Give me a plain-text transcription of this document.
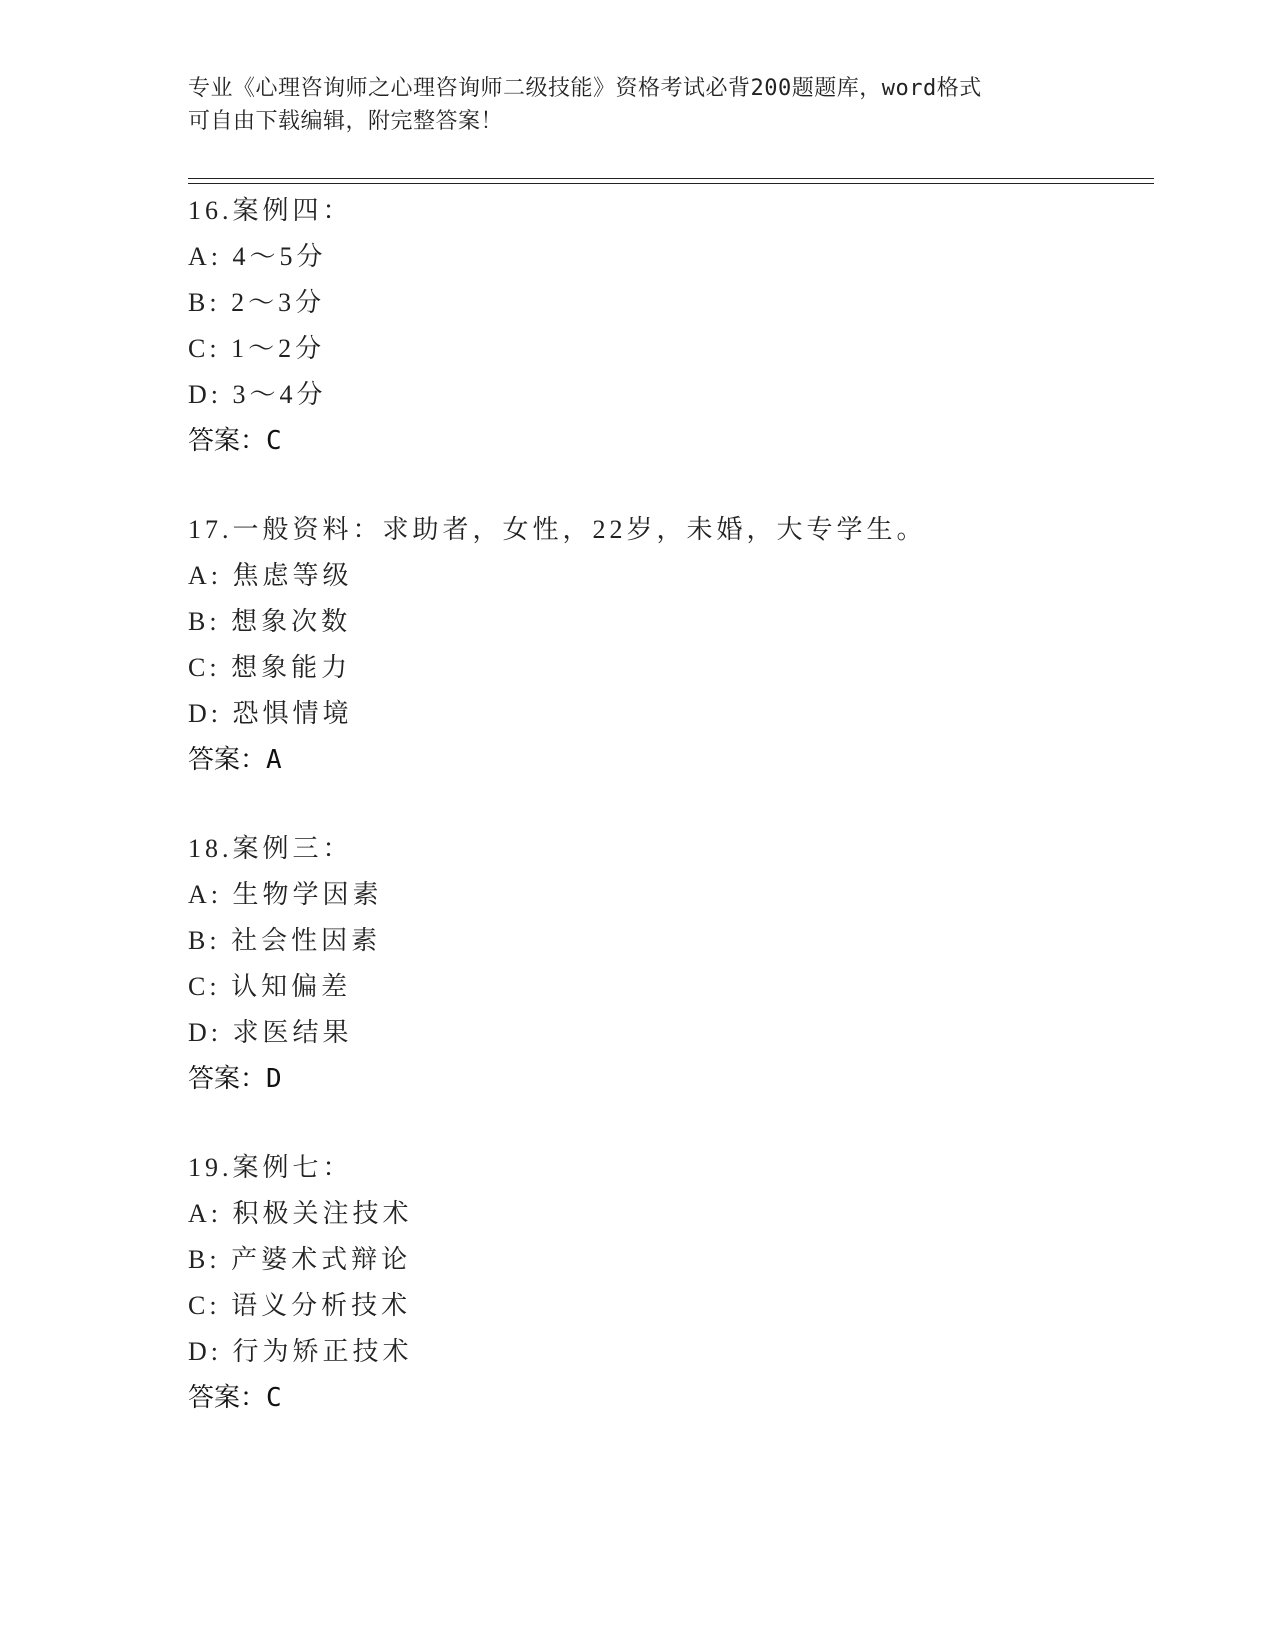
专业《心理咨询师之心理咨询师二级技能》资格考试必背200题题库，word格式
可自由下载编辑，附完整答案！
16.案例四：
A: 4～5分
B: 2～3分
C: 1～2分
D: 3～4分
答案：C
17.一般资料：求助者，女性，22岁，未婚，大专学生。
A: 焦虑等级
B: 想象次数
C: 想象能力
D: 恐惧情境
答案：A
18.案例三：
A: 生物学因素
B: 社会性因素
C: 认知偏差
D: 求医结果
答案：D
19.案例七：
A: 积极关注技术
B: 产婆术式辩论
C: 语义分析技术
D: 行为矫正技术
答案：C
